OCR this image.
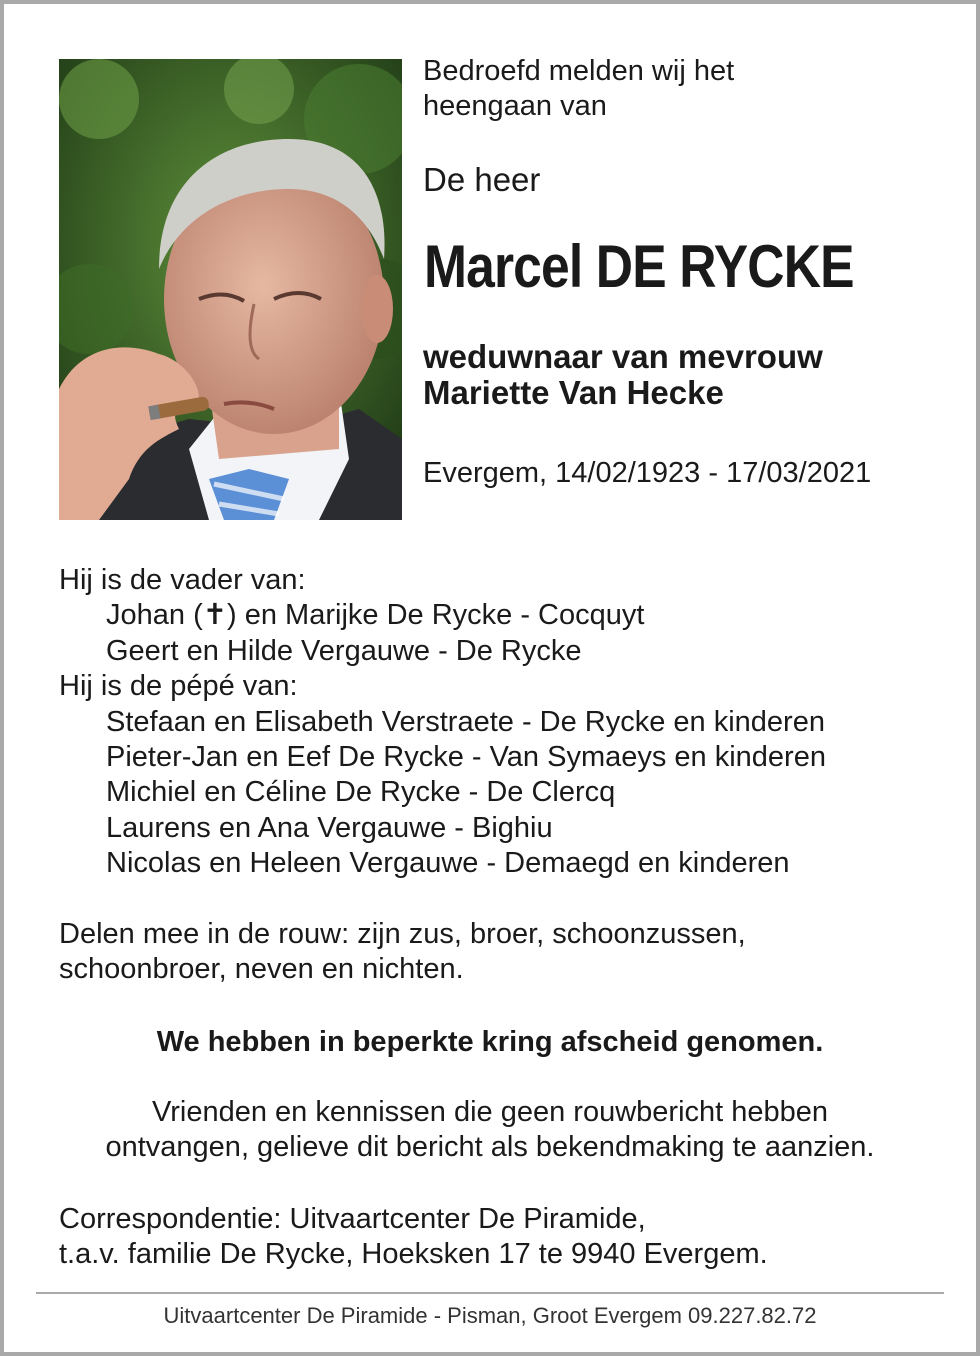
Bedroefd melden wij het
heengaan van
De heer
Marcel DE RYCKE
weduwnaar van mevrouw
Mariette Van Hecke
Evergem, 14/02/1923 - 17/03/2021
Hij is de vader van:
Johan (✝) en Marijke De Rycke - Cocquyt
Geert en Hilde Vergauwe - De Rycke
Hij is de pépé van:
Stefaan en Elisabeth Verstraete - De Rycke en kinderen
Pieter-Jan en Eef De Rycke - Van Symaeys en kinderen
Michiel en Céline De Rycke - De Clercq
Laurens en Ana Vergauwe - Bighiu
Nicolas en Heleen Vergauwe - Demaegd en kinderen
Delen mee in de rouw: zijn zus, broer, schoonzussen,
schoonbroer, neven en nichten.
We hebben in beperkte kring afscheid genomen.
Vrienden en kennissen die geen rouwbericht hebben
ontvangen, gelieve dit bericht als bekendmaking te aanzien.
Correspondentie: Uitvaartcenter De Piramide,
t.a.v. familie De Rycke, Hoeksken 17 te 9940 Evergem.
Uitvaartcenter De Piramide - Pisman, Groot Evergem 09.227.82.72
